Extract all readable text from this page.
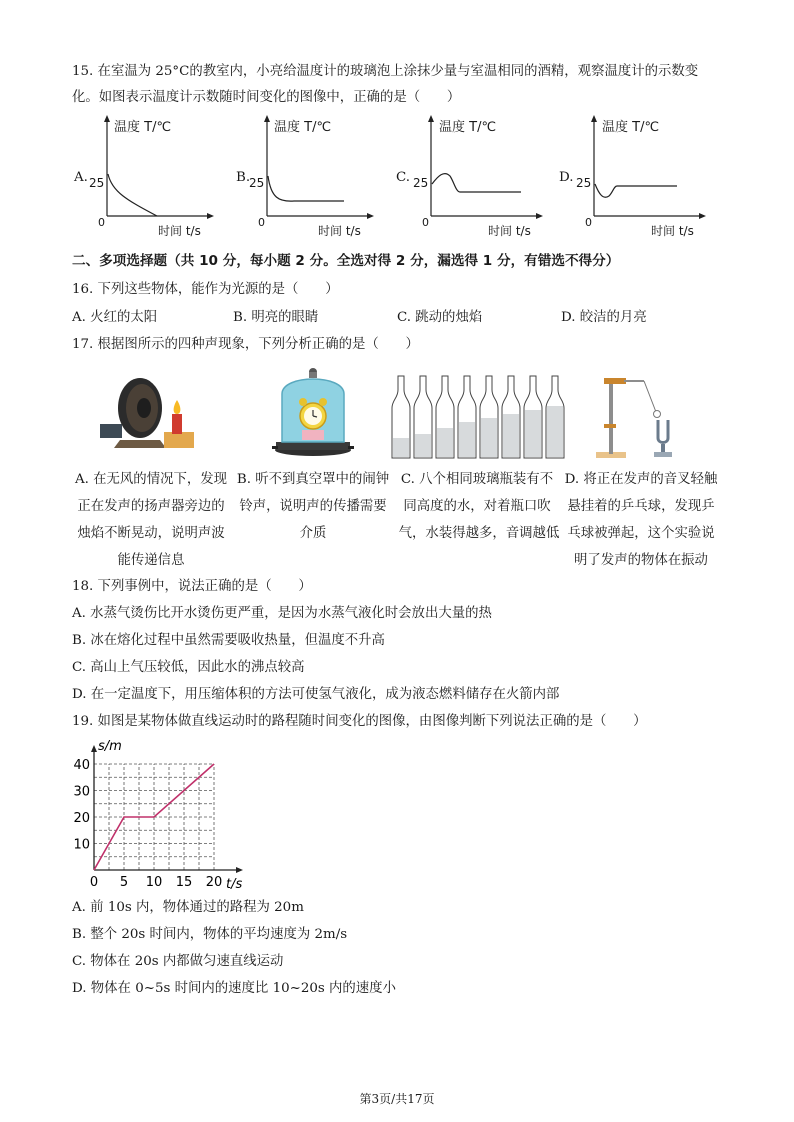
15. 在室温为 25°C的教室内，小亮给温度计的玻璃泡上涂抹少量与室温相同的酒精，观察温度计的示数变
化。如图表示温度计示数随时间变化的图像中，正确的是（　　）
A.
温度 T/℃
25
0
时间 t/s
B.
温度 T/℃
25
0
时间 t/s
C.
温度 T/℃
25
0
时间 t/s
D.
温度 T/℃
25
0
时间 t/s
二、多项选择题（共 10 分，每小题 2 分。全选对得 2 分，漏选得 1 分，有错选不得分）
16. 下列这些物体，能作为光源的是（　　）
A. 火红的太阳	B. 明亮的眼睛	C. 跳动的烛焰	D. 皎洁的月亮
17. 根据图所示的四种声现象，下列分析正确的是（　　）
A. 在无风的情况下，发现
正在发声的扬声器旁边的
烛焰不断晃动，说明声波
能传递信息
B. 听不到真空罩中的闹钟
铃声，说明声的传播需要
介质
C. 八个相同玻璃瓶装有不
同高度的水，对着瓶口吹
气，水装得越多，音调越低
D. 将正在发声的音叉轻触
悬挂着的乒乓球，发现乒
乓球被弹起，这个实验说
明了发声的物体在振动
18. 下列事例中，说法正确的是（　　）
A. 水蒸气烫伤比开水烫伤更严重，是因为水蒸气液化时会放出大量的热
B. 冰在熔化过程中虽然需要吸收热量，但温度不升高
C. 高山上气压较低，因此水的沸点较高
D. 在一定温度下，用压缩体积的方法可使氢气液化，成为液态燃料储存在火箭内部
19. 如图是某物体做直线运动时的路程随时间变化的图像，由图像判断下列说法正确的是（　　）
0 5 10 15 20
10
20
30
40
s/m
t/s
A. 前 10s 内，物体通过的路程为 20m
B. 整个 20s 时间内，物体的平均速度为 2m/s
C. 物体在 20s 内都做匀速直线运动
D. 物体在 0~5s 时间内的速度比 10~20s 内的速度小
第3页/共17页
